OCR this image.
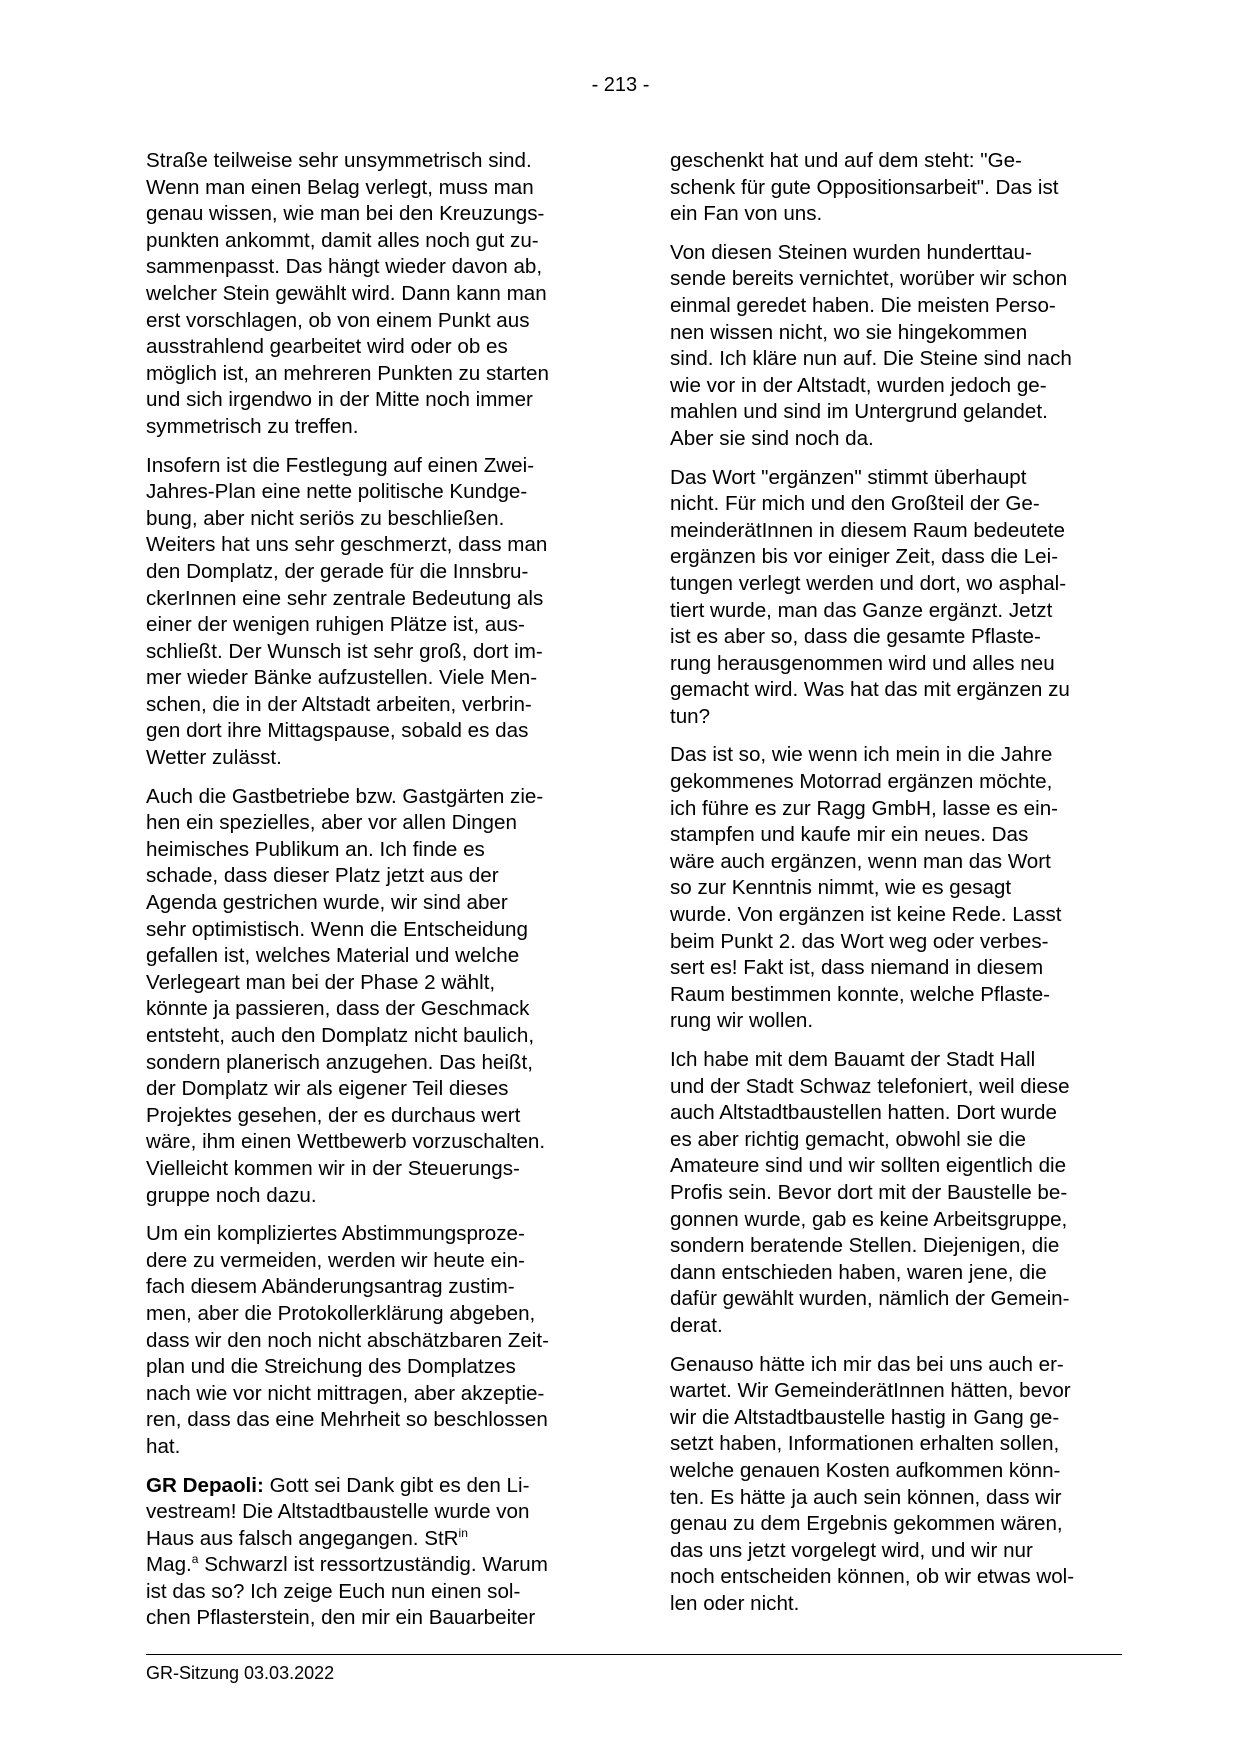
- 213 -

Straße teilweise sehr unsymmetrisch sind.
Wenn man einen Belag verlegt, muss man
genau wissen, wie man bei den Kreuzungs-
punkten ankommt, damit alles noch gut zu-
sammenpasst. Das hängt wieder davon ab,
welcher Stein gewählt wird. Dann kann man
erst vorschlagen, ob von einem Punkt aus
ausstrahlend gearbeitet wird oder ob es
möglich ist, an mehreren Punkten zu starten
und sich irgendwo in der Mitte noch immer
symmetrisch zu treffen.

Insofern ist die Festlegung auf einen Zwei-
Jahres-Plan eine nette politische Kundge-
bung, aber nicht seriös zu beschließen.
Weiters hat uns sehr geschmerzt, dass man
den Domplatz, der gerade für die Innsbru-
ckerInnen eine sehr zentrale Bedeutung als
einer der wenigen ruhigen Plätze ist, aus-
schließt. Der Wunsch ist sehr groß, dort im-
mer wieder Bänke aufzustellen. Viele Men-
schen, die in der Altstadt arbeiten, verbrin-
gen dort ihre Mittagspause, sobald es das
Wetter zulässt.

Auch die Gastbetriebe bzw. Gastgärten zie-
hen ein spezielles, aber vor allen Dingen
heimisches Publikum an. Ich finde es
schade, dass dieser Platz jetzt aus der
Agenda gestrichen wurde, wir sind aber
sehr optimistisch. Wenn die Entscheidung
gefallen ist, welches Material und welche
Verlegeart man bei der Phase 2 wählt,
könnte ja passieren, dass der Geschmack
entsteht, auch den Domplatz nicht baulich,
sondern planerisch anzugehen. Das heißt,
der Domplatz wir als eigener Teil dieses
Projektes gesehen, der es durchaus wert
wäre, ihm einen Wettbewerb vorzuschalten.
Vielleicht kommen wir in der Steuerungs-
gruppe noch dazu.

Um ein kompliziertes Abstimmungsproze-
dere zu vermeiden, werden wir heute ein-
fach diesem Abänderungsantrag zustim-
men, aber die Protokollerklärung abgeben,
dass wir den noch nicht abschätzbaren Zeit-
plan und die Streichung des Domplatzes
nach wie vor nicht mittragen, aber akzeptie-
ren, dass das eine Mehrheit so beschlossen
hat.

GR Depaoli: Gott sei Dank gibt es den Li-
vestream! Die Altstadtbaustelle wurde von
Haus aus falsch angegangen. StR$^{in}$
Mag.$^a$ Schwarzl ist ressortzuständig. Warum
ist das so? Ich zeige Euch nun einen sol-
chen Pflasterstein, den mir ein Bauarbeiter

geschenkt hat und auf dem steht: "Ge-
schenk für gute Oppositionsarbeit". Das ist
ein Fan von uns.

Von diesen Steinen wurden hunderttau-
sende bereits vernichtet, worüber wir schon
einmal geredet haben. Die meisten Perso-
nen wissen nicht, wo sie hingekommen
sind. Ich kläre nun auf. Die Steine sind nach
wie vor in der Altstadt, wurden jedoch ge-
mahlen und sind im Untergrund gelandet.
Aber sie sind noch da.

Das Wort "ergänzen" stimmt überhaupt
nicht. Für mich und den Großteil der Ge-
meinderätInnen in diesem Raum bedeutete
ergänzen bis vor einiger Zeit, dass die Lei-
tungen verlegt werden und dort, wo asphal-
tiert wurde, man das Ganze ergänzt. Jetzt
ist es aber so, dass die gesamte Pflaste-
rung herausgenommen wird und alles neu
gemacht wird. Was hat das mit ergänzen zu
tun?

Das ist so, wie wenn ich mein in die Jahre
gekommenes Motorrad ergänzen möchte,
ich führe es zur Ragg GmbH, lasse es ein-
stampfen und kaufe mir ein neues. Das
wäre auch ergänzen, wenn man das Wort
so zur Kenntnis nimmt, wie es gesagt
wurde. Von ergänzen ist keine Rede. Lasst
beim Punkt 2. das Wort weg oder verbes-
sert es! Fakt ist, dass niemand in diesem
Raum bestimmen konnte, welche Pflaste-
rung wir wollen.

Ich habe mit dem Bauamt der Stadt Hall
und der Stadt Schwaz telefoniert, weil diese
auch Altstadtbaustellen hatten. Dort wurde
es aber richtig gemacht, obwohl sie die
Amateure sind und wir sollten eigentlich die
Profis sein. Bevor dort mit der Baustelle be-
gonnen wurde, gab es keine Arbeitsgruppe,
sondern beratende Stellen. Diejenigen, die
dann entschieden haben, waren jene, die
dafür gewählt wurden, nämlich der Gemein-
derat.

Genauso hätte ich mir das bei uns auch er-
wartet. Wir GemeinderätInnen hätten, bevor
wir die Altstadtbaustelle hastig in Gang ge-
setzt haben, Informationen erhalten sollen,
welche genauen Kosten aufkommen könn-
ten. Es hätte ja auch sein können, dass wir
genau zu dem Ergebnis gekommen wären,
das uns jetzt vorgelegt wird, und wir nur
noch entscheiden können, ob wir etwas wol-
len oder nicht.

GR-Sitzung 03.03.2022
